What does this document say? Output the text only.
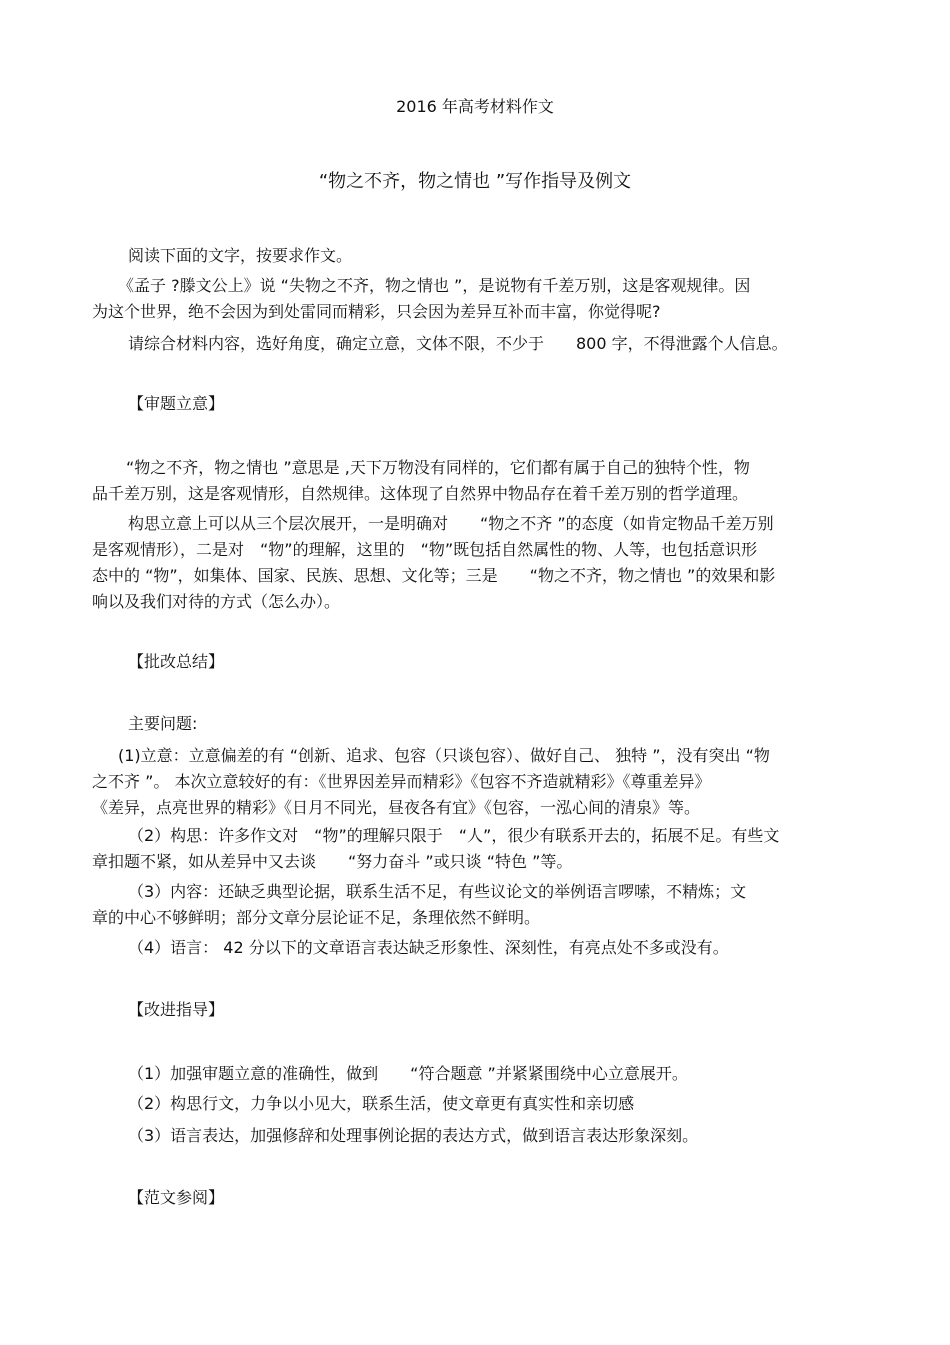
2016 年高考材料作文
“物之不齐，物之情也 ”写作指导及例文
阅读下面的文字，按要求作文。
《孟子 ?滕文公上》说 “失物之不齐，物之情也 ”，是说物有千差万别，这是客观规律。因
为这个世界，绝不会因为到处雷同而精彩，只会因为差异互补而丰富，你觉得呢?
请综合材料内容，选好角度，确定立意，文体不限，不少于　　800 字，不得泄露个人信息。
【审题立意】
“物之不齐，物之情也 ”意思是 ,天下万物没有同样的，它们都有属于自己的独特个性，物
品千差万别，这是客观情形，自然规律。这体现了自然界中物品存在着千差万别的哲学道理。
构思立意上可以从三个层次展开，一是明确对　　“物之不齐 ”的态度（如肯定物品千差万别
是客观情形），二是对　“物”的理解，这里的　“物”既包括自然属性的物、人等，也包括意识形
态中的 “物”，如集体、国家、民族、思想、文化等；三是　　“物之不齐，物之情也 ”的效果和影
响以及我们对待的方式（怎么办）。
【批改总结】
主要问题:
(1)立意：立意偏差的有 “创新、追求、包容（只谈包容）、做好自己、 独特 ”，没有突出 “物
之不齐 ”。 本次立意较好的有：《世界因差异而精彩》《包容不齐造就精彩》《尊重差异》
《差异，点亮世界的精彩》《日月不同光，昼夜各有宜》《包容，一泓心间的清泉》等。
（2）构思：许多作文对　“物”的理解只限于　“人”，很少有联系开去的，拓展不足。有些文
章扣题不紧，如从差异中又去谈　　“努力奋斗 ”或只谈 “特色 ”等。
（3）内容：还缺乏典型论据，联系生活不足，有些议论文的举例语言啰嗦，不精炼；文
章的中心不够鲜明；部分文章分层论证不足，条理依然不鲜明。
（4）语言： 42 分以下的文章语言表达缺乏形象性、深刻性，有亮点处不多或没有。
【改进指导】
（1）加强审题立意的准确性，做到　　“符合题意 ”并紧紧围绕中心立意展开。
（2）构思行文，力争以小见大，联系生活，使文章更有真实性和亲切感
（3）语言表达，加强修辞和处理事例论据的表达方式，做到语言表达形象深刻。
【范文参阅】
